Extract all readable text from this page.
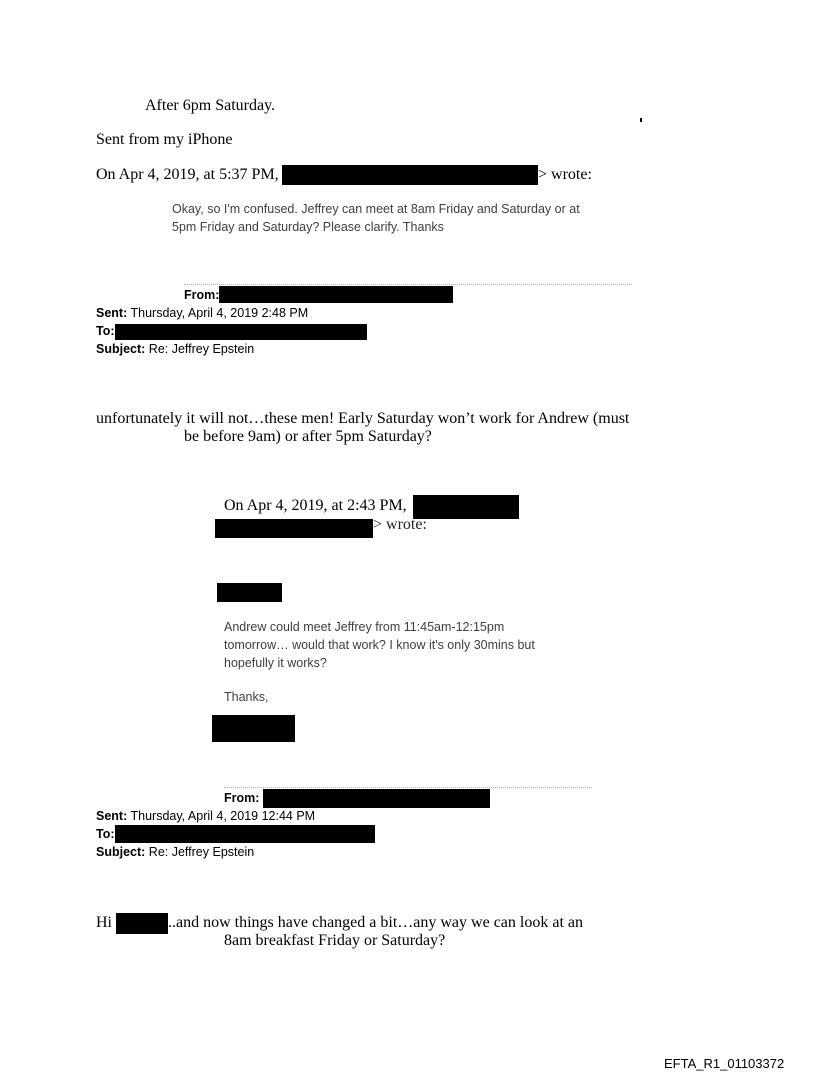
After 6pm Saturday.
Sent from my iPhone
On Apr 4, 2019, at 5:37 PM,	> wrote:
Okay, so I'm confused. Jeffrey can meet at 8am Friday and Saturday or at
5pm Friday and Saturday? Please clarify. Thanks
From:
Sent: Thursday, April 4, 2019 2:48 PM
To:
Subject: Re: Jeffrey Epstein
unfortunately it will not…these men! Early Saturday won’t work for Andrew (must
be before 9am) or after 5pm Saturday?
On Apr 4, 2019, at 2:43 PM,
> wrote:
Andrew could meet Jeffrey from 11:45am-12:15pm
tomorrow… would that work? I know it's only 30mins but
hopefully it works?
Thanks,
From:
Sent: Thursday, April 4, 2019 12:44 PM
To:
Subject: Re: Jeffrey Epstein
Hi	..and now things have changed a bit…any way we can look at an
8am breakfast Friday or Saturday?
EFTA_R1_01103372
